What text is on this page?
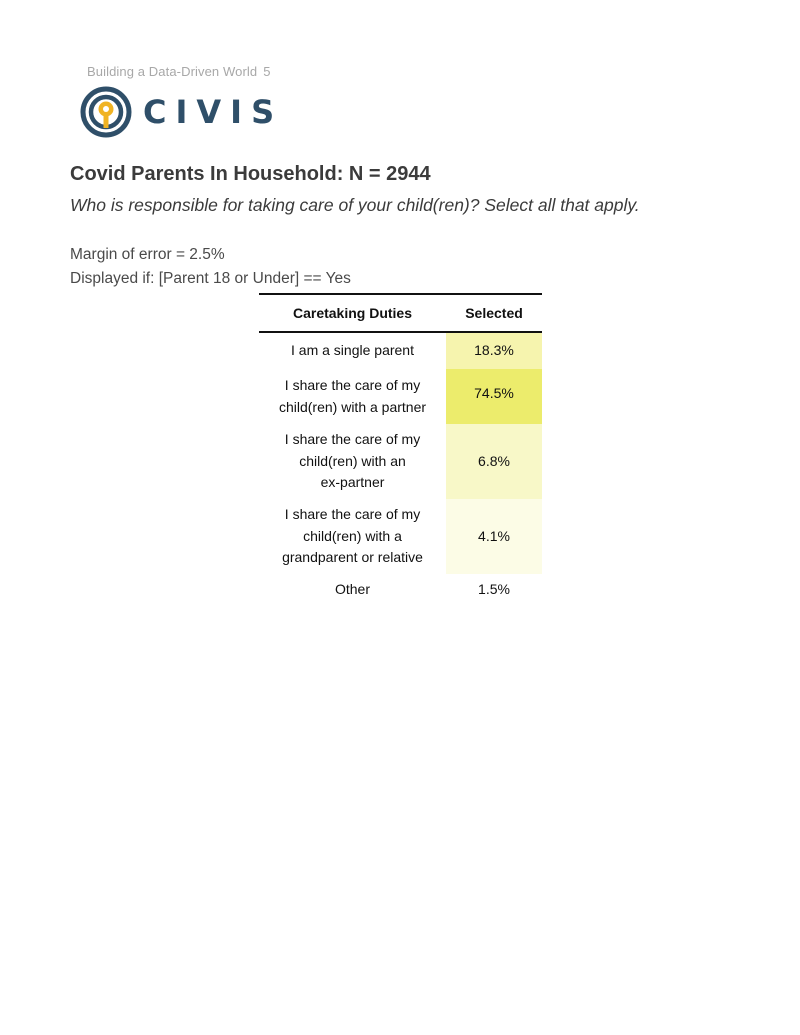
Building a Data-Driven World 5
CIVIS
Covid Parents In Household: N = 2944
Who is responsible for taking care of your child(ren)? Select all that apply.
Margin of error = 2.5%
Displayed if: [Parent 18 or Under] == Yes
Caretaking Duties	Selected

I am a single parent	18.3%

I share the care of my
child(ren) with a partner	74.5%

I share the care of my
child(ren) with an
ex-partner	6.8%

I share the care of my
child(ren) with a
grandparent or relative	4.1%

Other	1.5%
